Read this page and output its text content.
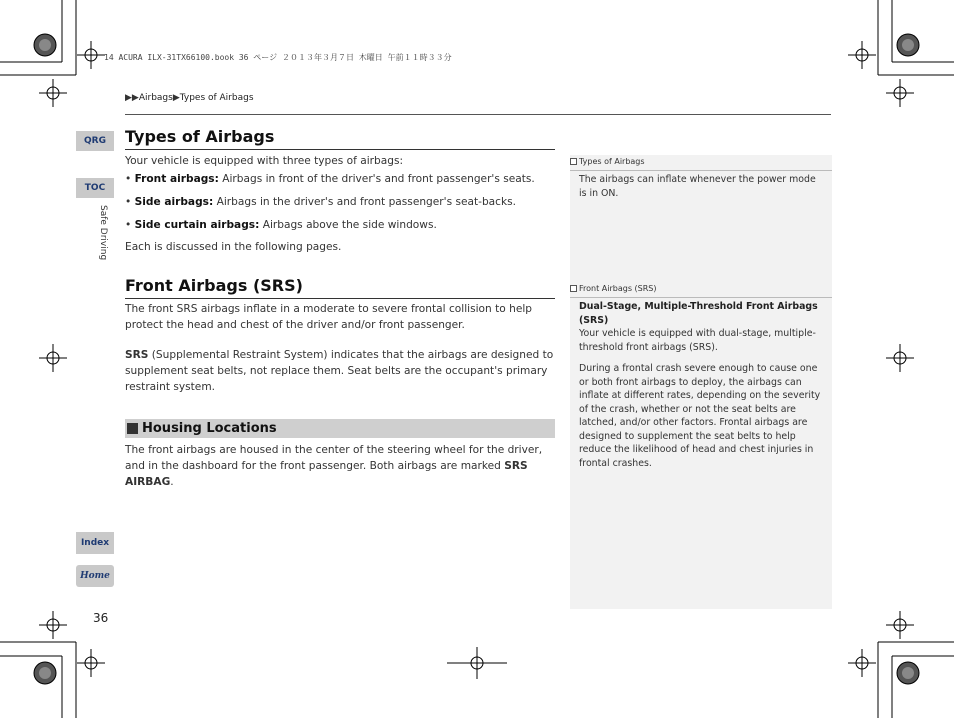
14 ACURA ILX-31TX66100.book 36 ページ ２０１３年３月７日 木曜日 午前１１時３３分
▶▶Airbags▶Types of Airbags
QRG
TOC
Safe Driving
Index
Home
36
Types of Airbags
Your vehicle is equipped with three types of airbags:
• Front airbags: Airbags in front of the driver's and front passenger's seats.
• Side airbags: Airbags in the driver's and front passenger's seat-backs.
• Side curtain airbags: Airbags above the side windows.
Each is discussed in the following pages.
Front Airbags (SRS)
The front SRS airbags inflate in a moderate to severe frontal collision to help protect the head and chest of the driver and/or front passenger.
SRS (Supplemental Restraint System) indicates that the airbags are designed to supplement seat belts, not replace them. Seat belts are the occupant's primary restraint system.
Housing Locations
The front airbags are housed in the center of the steering wheel for the driver, and in the dashboard for the front passenger. Both airbags are marked SRS AIRBAG.
Types of Airbags
The airbags can inflate whenever the power mode is in ON.
Front Airbags (SRS)
Dual-Stage, Multiple-Threshold Front Airbags (SRS)
Your vehicle is equipped with dual-stage, multiple-threshold front airbags (SRS).
During a frontal crash severe enough to cause one or both front airbags to deploy, the airbags can inflate at different rates, depending on the severity of the crash, whether or not the seat belts are latched, and/or other factors. Frontal airbags are designed to supplement the seat belts to help reduce the likelihood of head and chest injuries in frontal crashes.
